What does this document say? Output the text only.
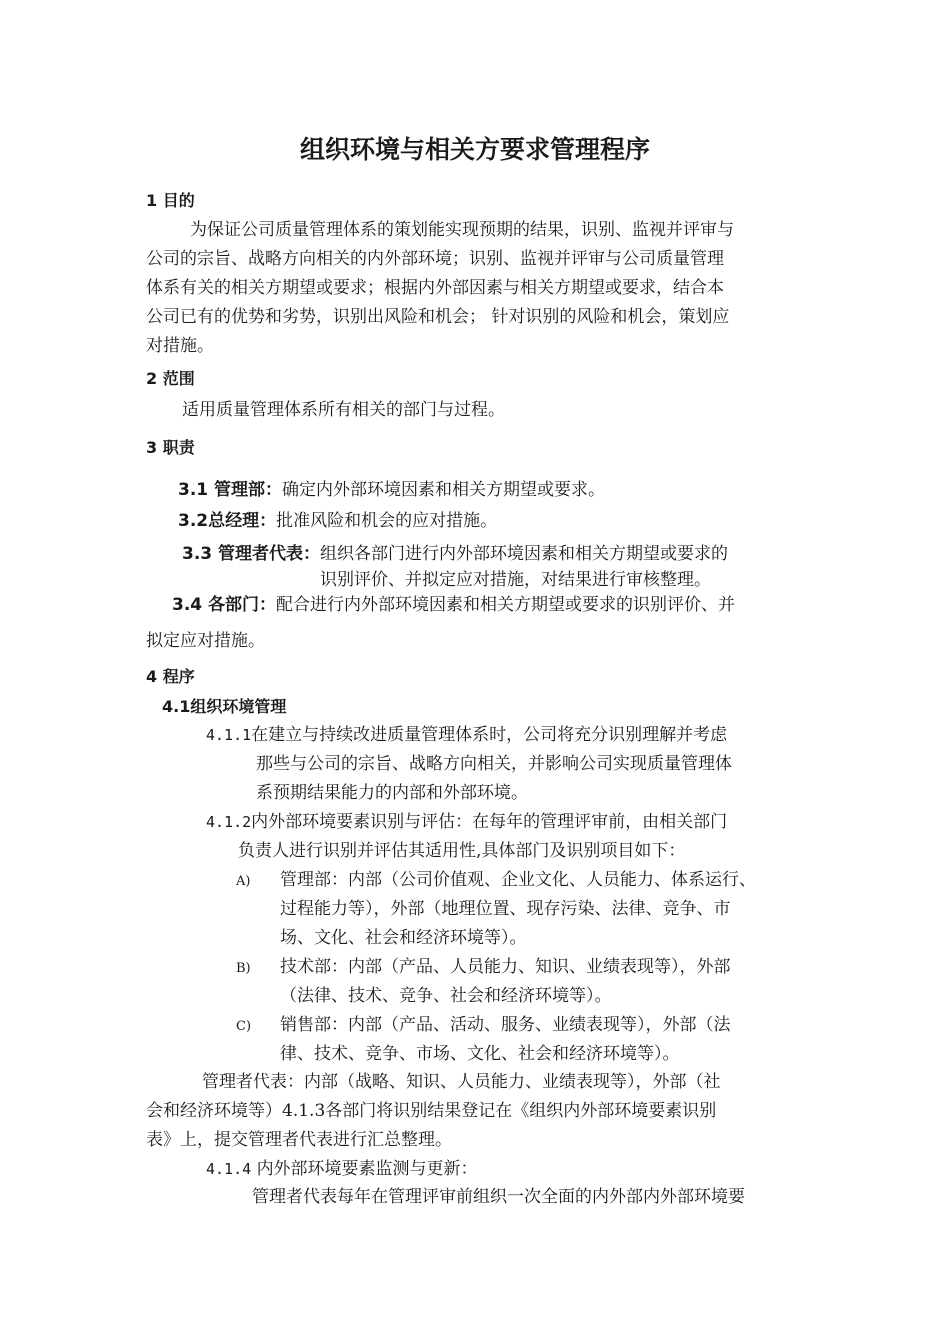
组织环境与相关方要求管理程序
1 目的
为保证公司质量管理体系的策划能实现预期的结果，识别、监视并评审与
公司的宗旨、战略方向相关的内外部环境；识别、监视并评审与公司质量管理
体系有关的相关方期望或要求；根据内外部因素与相关方期望或要求，结合本
公司已有的优势和劣势，识别出风险和机会； 针对识别的风险和机会，策划应
对措施。
2 范围
适用质量管理体系所有相关的部门与过程。
3 职责
3.1 管理部：确定内外部环境因素和相关方期望或要求。
3.2总经理：批准风险和机会的应对措施。
3.3 管理者代表：组织各部门进行内外部环境因素和相关方期望或要求的
识别评价、并拟定应对措施，对结果进行审核整理。
3.4 各部门：配合进行内外部环境因素和相关方期望或要求的识别评价、并
拟定应对措施。
4 程序
4.1组织环境管理
4.1.1在建立与持续改进质量管理体系时，公司将充分识别理解并考虑
那些与公司的宗旨、战略方向相关，并影响公司实现质量管理体
系预期结果能力的内部和外部环境。
4.1.2内外部环境要素识别与评估：在每年的管理评审前，由相关部门
负责人进行识别并评估其适用性,具体部门及识别项目如下：
A) 管理部：内部（公司价值观、企业文化、人员能力、体系运行、
过程能力等），外部（地理位置、现存污染、法律、竞争、市
场、文化、社会和经济环境等）。
B) 技术部：内部（产品、人员能力、知识、业绩表现等），外部
（法律、技术、竞争、社会和经济环境等）。
C) 销售部：内部（产品、活动、服务、业绩表现等），外部（法
律、技术、竞争、市场、文化、社会和经济环境等）。
管理者代表：内部（战略、知识、人员能力、业绩表现等），外部（社
会和经济环境等）4.1.3各部门将识别结果登记在《组织内外部环境要素识别
表》上，提交管理者代表进行汇总整理。
4.1.4 内外部环境要素监测与更新：
管理者代表每年在管理评审前组织一次全面的内外部内外部环境要
